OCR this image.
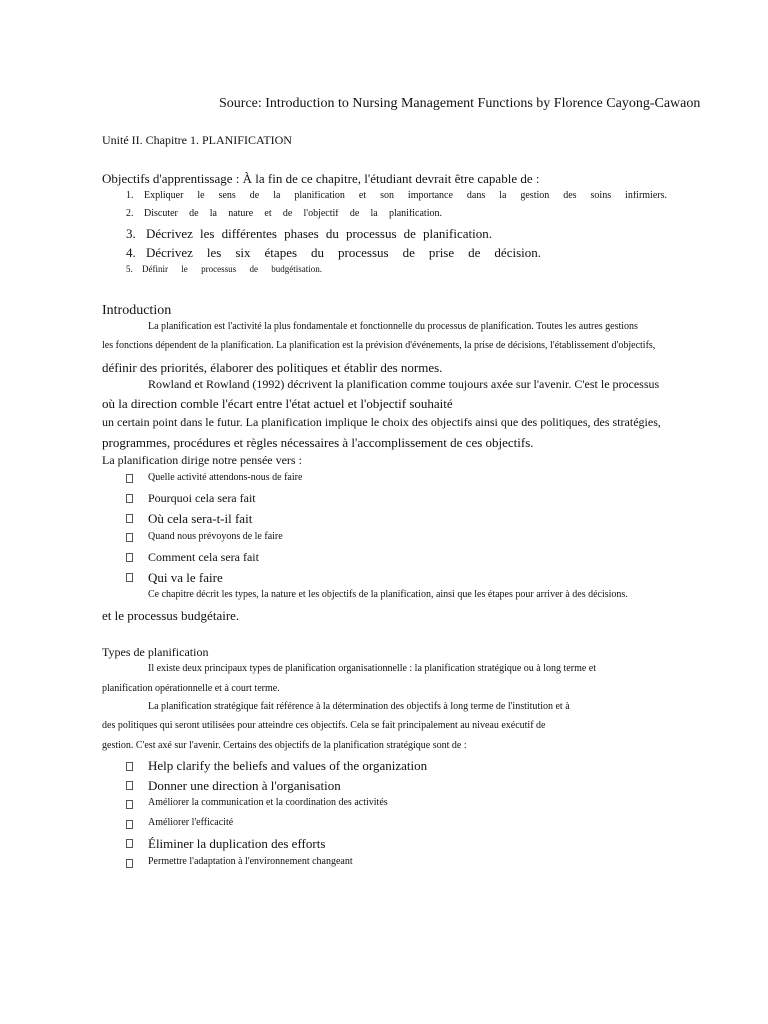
Source: Introduction to Nursing Management Functions by Florence Cayong-Cawaon
Unité II. Chapitre 1. PLANIFICATION
Objectifs d'apprentissage : À la fin de ce chapitre, l'étudiant devrait être capable de :
1.	Expliquer le sens de la planification et son importance dans la gestion des soins infirmiers.
2.	Discuter de la nature et de l'objectif de la planification.
3. Décrivez les différentes phases du processus de planification.
4. Décrivez les six étapes du processus de prise de décision.
5.	Définir le processus de budgétisation.
Introduction
La planification est l'activité la plus fondamentale et fonctionnelle du processus de planification. Toutes les autres gestions
les fonctions dépendent de la planification. La planification est la prévision d'événements, la prise de décisions, l'établissement d'objectifs,
définir des priorités, élaborer des politiques et établir des normes.
Rowland et Rowland (1992) décrivent la planification comme toujours axée sur l'avenir. C'est le processus
où la direction comble l'écart entre l'état actuel et l'objectif souhaité
un certain point dans le futur. La planification implique le choix des objectifs ainsi que des politiques, des stratégies,
programmes, procédures et règles nécessaires à l'accomplissement de ces objectifs.
La planification dirige notre pensée vers :
Quelle activité attendons-nous de faire
Pourquoi cela sera fait
Où cela sera-t-il fait
Quand nous prévoyons de le faire
Comment cela sera fait
Qui va le faire
Ce chapitre décrit les types, la nature et les objectifs de la planification, ainsi que les étapes pour arriver à des décisions.
et le processus budgétaire.
Types de planification
Il existe deux principaux types de planification organisationnelle : la planification stratégique ou à long terme et
planification opérationnelle et à court terme.
La planification stratégique fait référence à la détermination des objectifs à long terme de l'institution et à
des politiques qui seront utilisées pour atteindre ces objectifs. Cela se fait principalement au niveau exécutif de
gestion. C'est axé sur l'avenir. Certains des objectifs de la planification stratégique sont de :
Help clarify the beliefs and values of the organization
Donner une direction à l'organisation
Améliorer la communication et la coordination des activités
Améliorer l'efficacité
Éliminer la duplication des efforts
Permettre l'adaptation à l'environnement changeant
